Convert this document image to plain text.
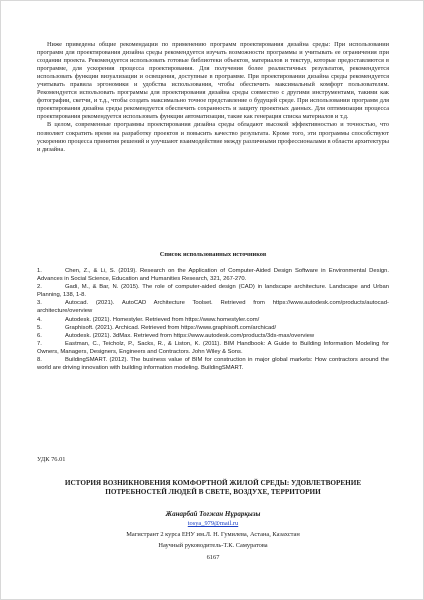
Ниже приведены общие рекомендации по применению программ проектирования дизайна среды: При использовании программ для проектирования дизайна среды рекомендуется изучать возможности программы и учитывать ее ограничения при создании проекта. Рекомендуется использовать готовые библиотеки объектов, материалов и текстур, которые предоставляются в программе, для ускорения процесса проектирования. Для получения более реалистичных результатов, рекомендуется использовать функции визуализации и освещения, доступные в программе. При проектировании дизайна среды рекомендуется учитывать правила эргономики и удобства использования, чтобы обеспечить максимальный комфорт пользователям. Рекомендуется использовать программы для проектирования дизайна среды совместно с другими инструментами, такими как фотографии, скетчи, и т.д., чтобы создать максимально точное представление о будущей среде. При использовании программ для проектирования дизайна среды рекомендуется обеспечить сохранность и защиту проектных данных. Для оптимизации процесса проектирования рекомендуется использовать функции автоматизации, такие как генерация списка материалов и т.д.

В целом, современные программы проектирования дизайна среды обладают высокой эффективностью и точностью, что позволяет сократить время на разработку проектов и повысить качество результата. Кроме того, эти программы способствуют ускорению процесса принятия решений и улучшают взаимодействие между различными профессионалами в области архитектуры и дизайна.

Список использованных источников
1.	Chen, Z., & Li, S. (2019). Research on the Application of Computer-Aided Design Software in Environmental Design. Advances in Social Science, Education and Humanities Research, 321, 267-270.
2.	Gadi, M., & Bar, N. (2015). The role of computer-aided design (CAD) in landscape architecture. Landscape and Urban Planning, 138, 1-8.
3.	Autocad. (2021). AutoCAD Architecture Toolset. Retrieved from https://www.autodesk.com/products/autocad-architecture/overview
4.	Autodesk. (2021). Homestyler. Retrieved from https://www.homestyler.com/
5.	Graphisoft. (2021). Archicad. Retrieved from https://www.graphisoft.com/archicad/
6.	Autodesk. (2021). 3dMax. Retrieved from https://www.autodesk.com/products/3ds-max/overview
7.	Eastman, C., Teicholz, P., Sacks, R., & Liston, K. (2011). BIM Handbook: A Guide to Building Information Modeling for Owners, Managers, Designers, Engineers and Contractors. John Wiley & Sons.
8.	BuildingSMART. (2012). The business value of BIM for construction in major global markets: How contractors around the world are driving innovation with building information modeling. BuildingSMART.
УДК 76.01
ИСТОРИЯ ВОЗНИКНОВЕНИЯ КОМФОРТНОЙ ЖИЛОЙ СРЕДЫ: УДОВЛЕТВОРЕНИЕ ПОТРЕБНОСТЕЙ ЛЮДЕЙ В СВЕТЕ, ВОЗДУХЕ, ТЕРРИТОРИИ
Жанарбай Тоғжан Нұрарқызы
tosya_979@mail.ru
Магистрант 2 курса ЕНУ им.Л. Н. Гумилева, Астана, Казахстан
Научный руководитель-Т.К. Самуратова
6167
